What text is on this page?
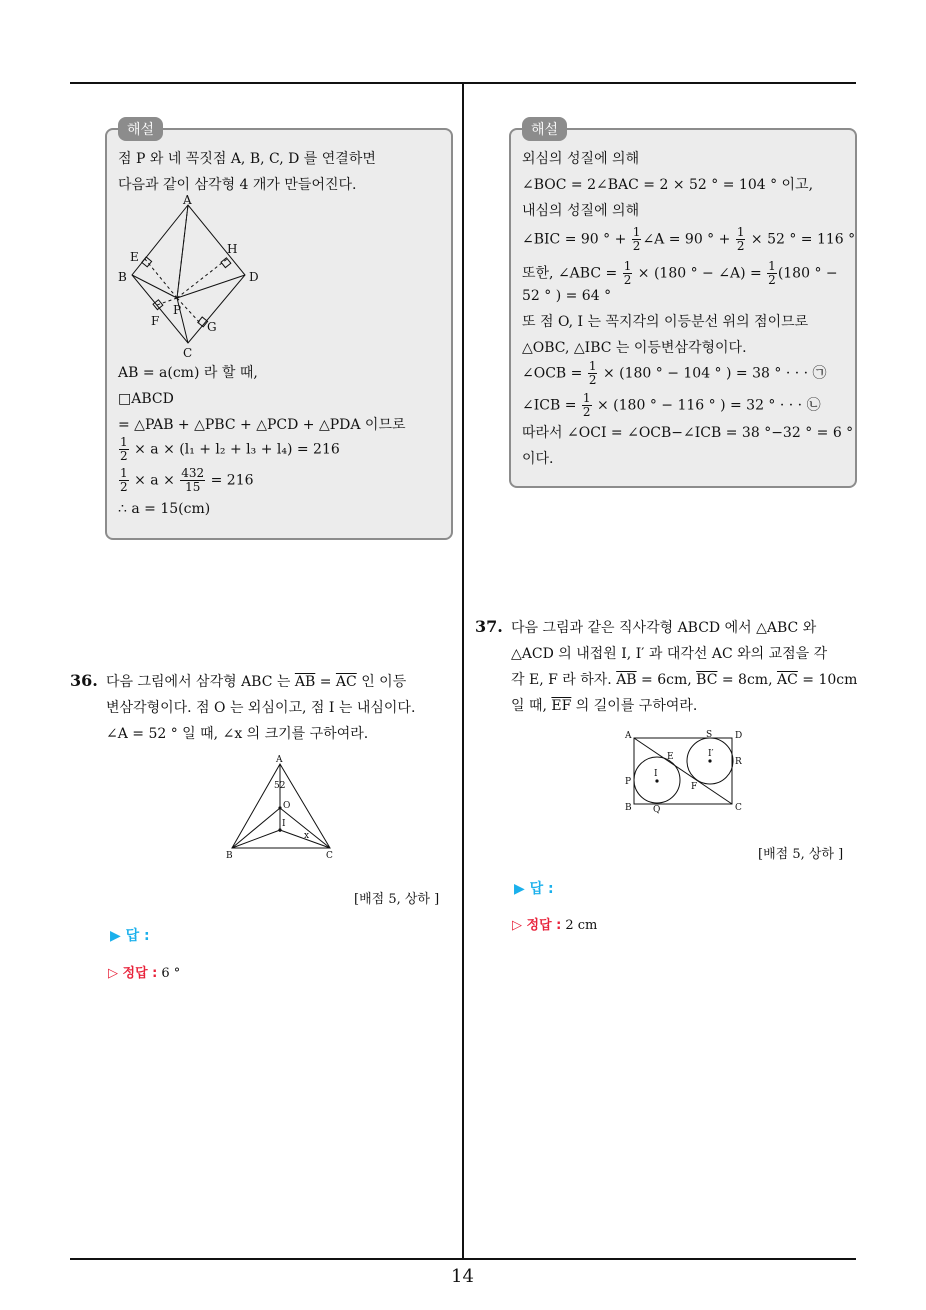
14
해설
점 P 와 네 꼭짓점 A, B, C, D 를 연결하면
다음과 같이 삼각형 4 개가 만들어진다.
A
B
C
D
E
F	G
H
P
AB = a(cm) 라 할 때,
□ABCD
= △PAB + △PBC + △PCD + △PDA 이므로
$\frac{1}{2} \times a \times (l_1 + l_2 + l_3 + l_4) = 216$
$\frac{1}{2} \times a \times \frac{432}{15} = 216$
∴ a = 15(cm)
해설
외심의 성질에 의해
∠BOC = 2∠BAC = 2 × 52 ° = 104 ° 이고,
내심의 성질에 의해
∠BIC = 90 ° + $\frac{1}{2}$ ∠A = 90 ° + $\frac{1}{2} \times 52$ ° = 116 °
또한, ∠ABC = $\frac{1}{2} \times (180$ ° − ∠A) = $\frac{1}{2} (180$ ° −
52 ° ) = 64 °
또 점 O, I 는 꼭지각의 이등분선 위의 점이므로
△OBC, △IBC 는 이등변삼각형이다.
∠OCB = $\frac{1}{2} \times (180$ ° − 104 ° ) = 38 ° · · · ㉠
∠ICB = $\frac{1}{2} \times (180$ ° − 116 ° ) = 32 ° · · · ㉡
따라서 ∠OCI = ∠OCB−∠ICB = 38 °−32 ° = 6 °
이다.
36. 다음 그림에서 삼각형 ABC 는 $\overline{AB} = \overline{AC}$ 인 이등
변삼각형이다. 점 O 는 외심이고, 점 I 는 내심이다.
∠A = 52 ° 일 때, ∠x 의 크기를 구하여라.
A
52
O
I
x
B	C
[배점 5, 상하 ]
▶ 답 :
▷ 정답 : 6 °
37. 다음 그림과 같은 직사각형 ABCD 에서 △ABC 와
△ACD 의 내접원 I, I′ 과 대각선 AC 와의 교점을 각
각 E, F 라 하자. $\overline{AB} = 6cm$, $\overline{BC} = 8cm$, $\overline{AC} = 10cm$
일 때, $\overline{EF}$ 의 길이를 구하여라.
A	S	D
E	I′
R
P
I
F
B Q	C
[배점 5, 상하 ]
▶ 답 :
▷ 정답 : 2 cm
